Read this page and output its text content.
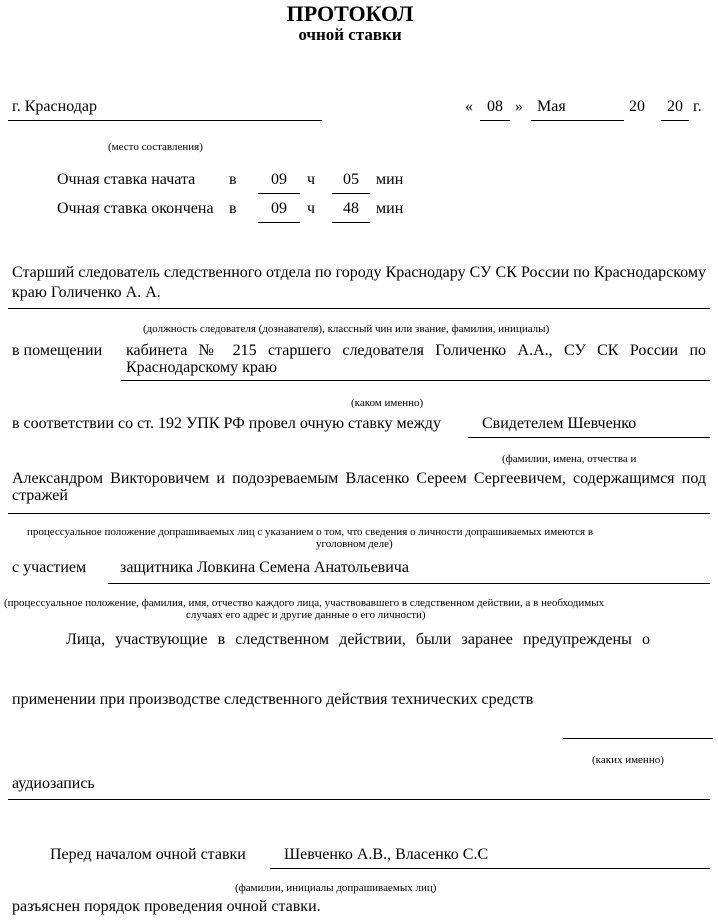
ПРОТОКОЛ
очной ставки
г. Краснодар
(место составления)
« 08 » Мая	20	20 г.
Очная ставка начата в	09	ч	05	мин
Очная ставка окончена в	09	ч	48	мин
Старший следователь следственного отдела по городу Краснодару СУ СК России по Краснодарскому краю Голиченко А. А.
(должность следователя (дознавателя), классный чин или звание, фамилия, инициалы)
в помещении кабинета № 215 старшего следователя Голиченко А.А., СУ СК России по Краснодарскому краю
(каком именно)
в соответствии со ст. 192 УПК РФ провел очную ставку между	Свидетелем Шевченко
(фамилии, имена, отчества и
Александром Викторовичем и подозреваемым Власенко Сереем Сергеевичем, содержащимся под стражей
процессуальное положение допрашиваемых лиц с указанием о том, что сведения о личности допрашиваемых имеются в
уголовном деле)
с участием защитника Ловкина Семена Анатольевича
(процессуальное положение, фамилия, имя, отчество каждого лица, участвовавшего в следственном действии, а в необходимых
случаях его адрес и другие данные о его личности)
Лица, участвующие в следственном действии, были заранее предупреждены о
применении при производстве следственного действия технических средств
(каких именно)
аудиозапись
Перед началом очной ставки Шевченко А.В., Власенко С.С
(фамилии, инициалы допрашиваемых лиц)
разъяснен порядок проведения очной ставки.
